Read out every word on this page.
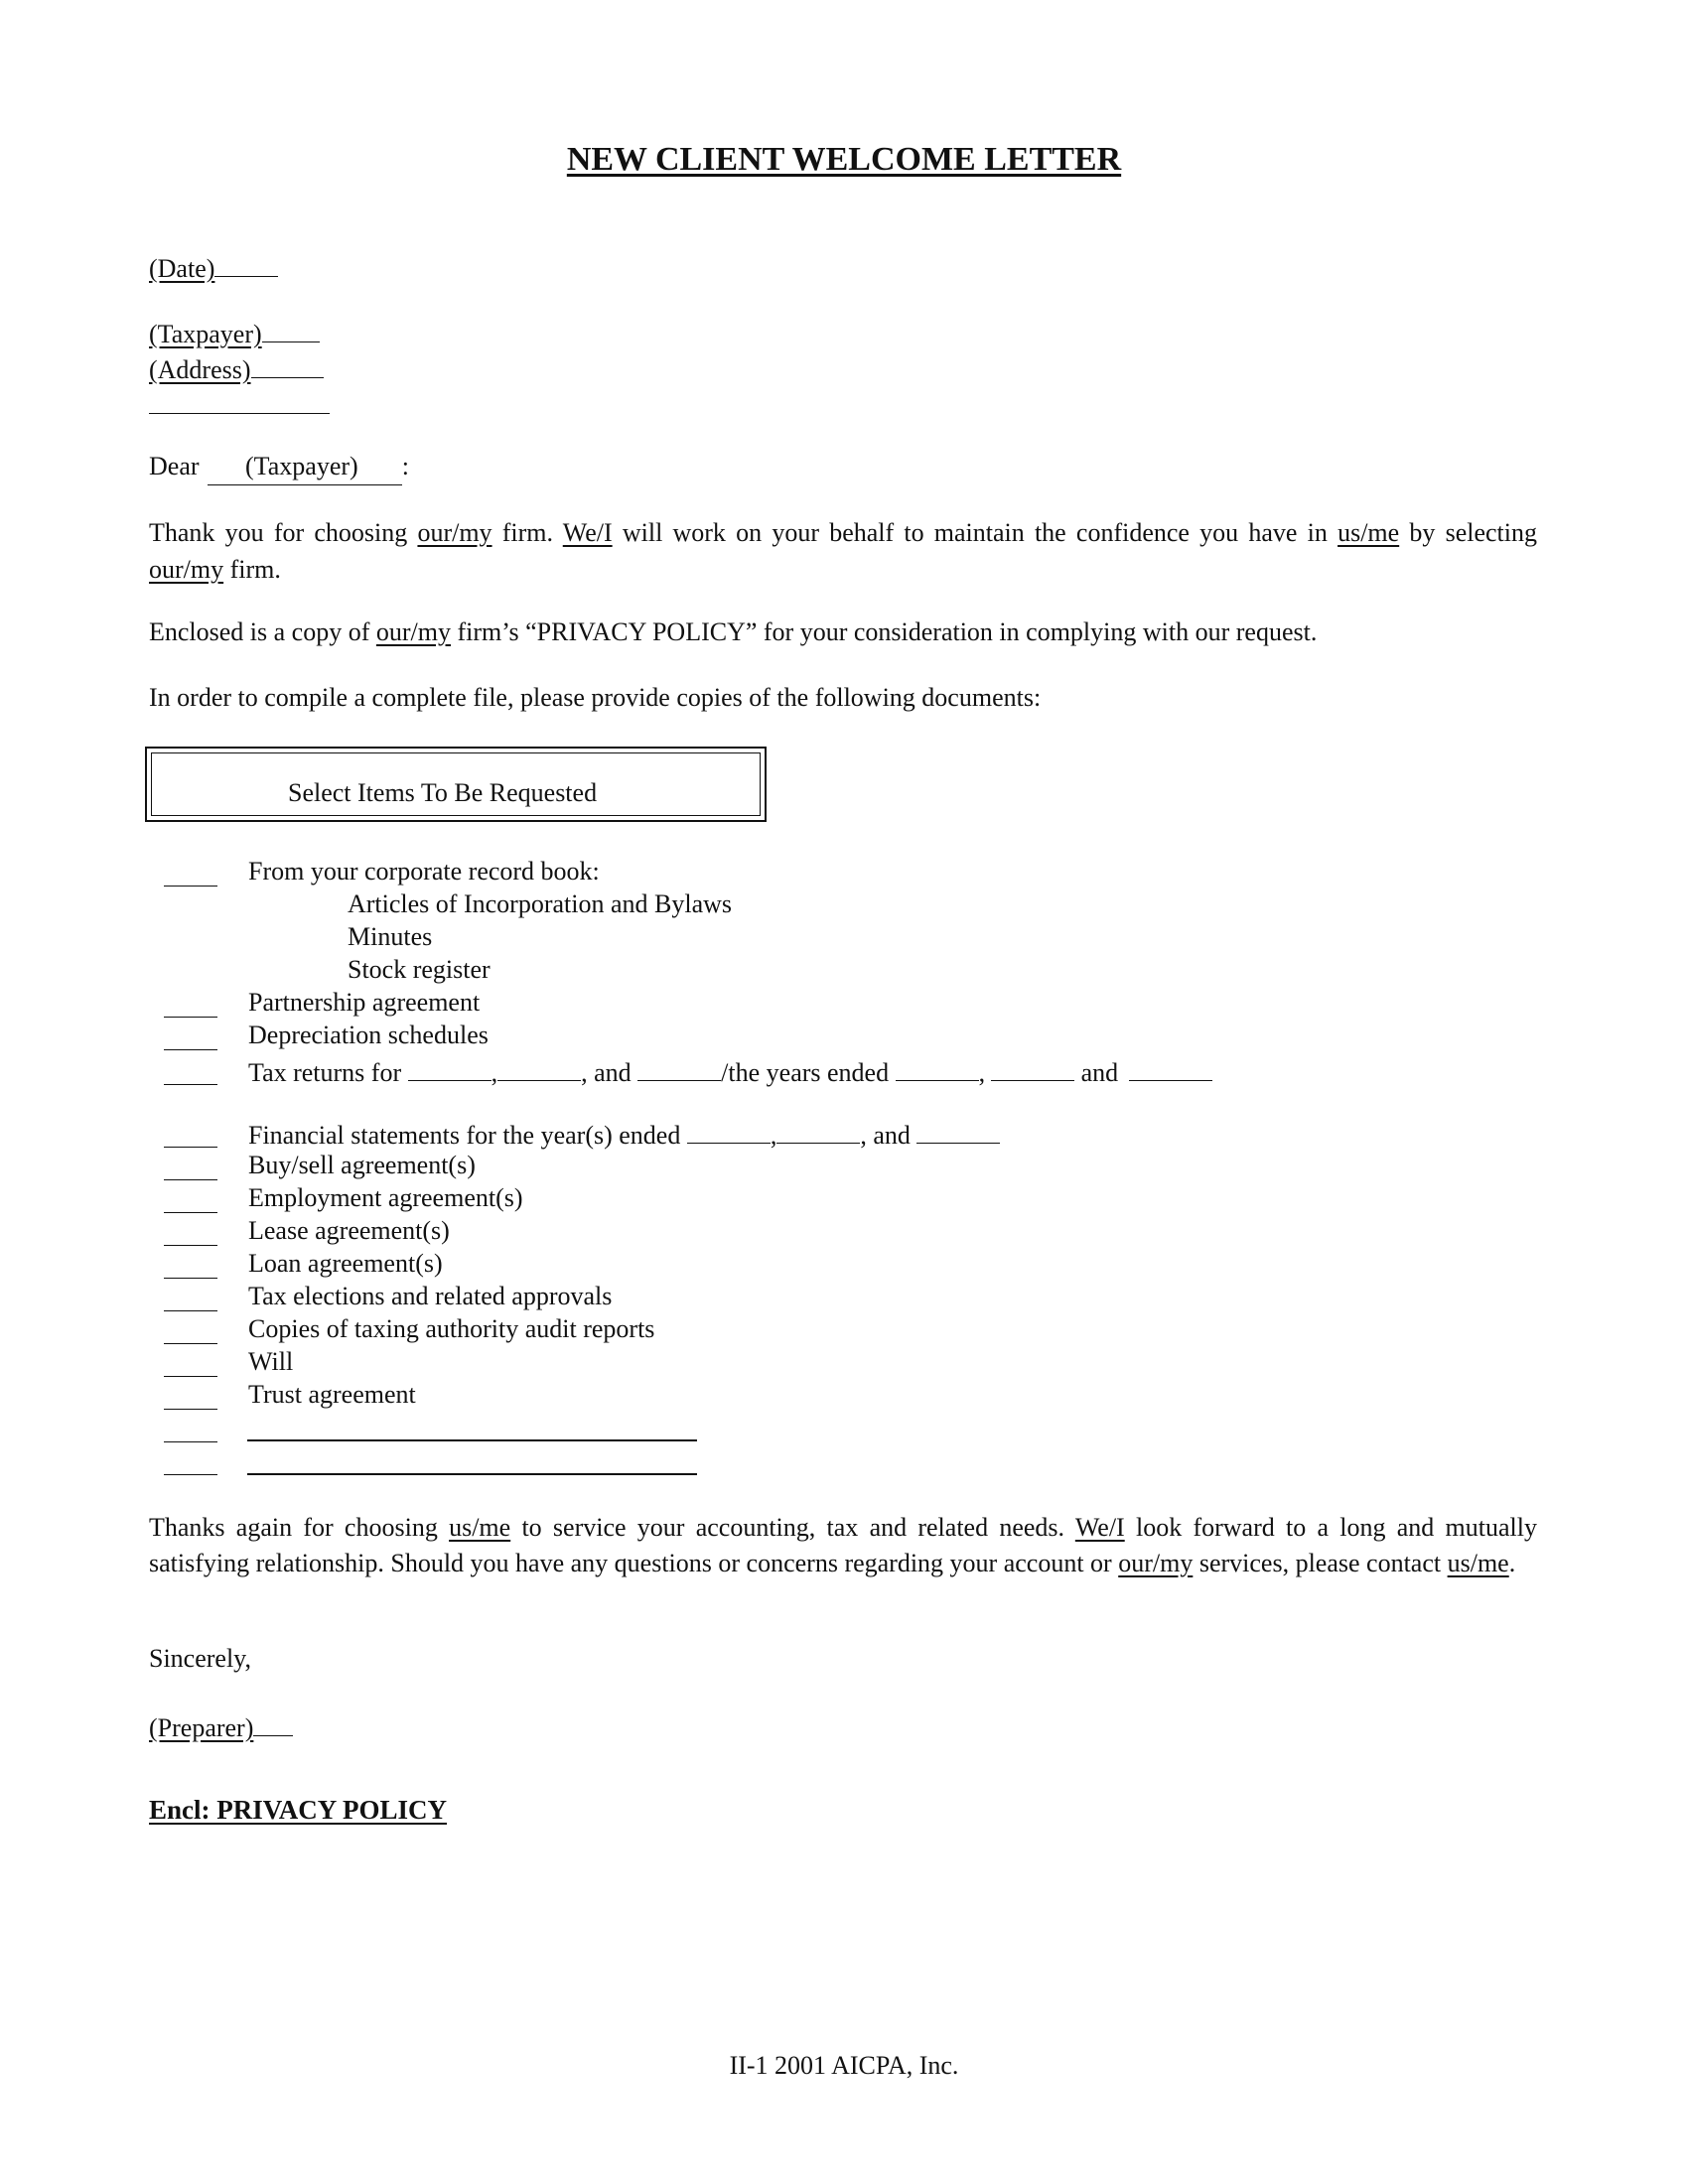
NEW CLIENT WELCOME LETTER
(Date)
(Taxpayer)
(Address)
Dear (Taxpayer) :
Thank you for choosing our/my firm. We/I will work on your behalf to maintain the confidence you have in us/me by selecting our/my firm.
Enclosed is a copy of our/my firm’s “PRIVACY POLICY” for your consideration in complying with our request.
In order to compile a complete file, please provide copies of the following documents:
Select Items To Be Requested
From your corporate record book:
Articles of Incorporation and Bylaws
Minutes
Stock register
Partnership agreement
Depreciation schedules
Tax returns for	,	, and	/the years ended	,	and
Financial statements for the year(s) ended	,	, and
Buy/sell agreement(s)
Employment agreement(s)
Lease agreement(s)
Loan agreement(s)
Tax elections and related approvals
Copies of taxing authority audit reports
Will
Trust agreement
Thanks again for choosing us/me to service your accounting, tax and related needs. We/I look forward to a long and mutually satisfying relationship. Should you have any questions or concerns regarding your account or our/my services, please contact us/me.
Sincerely,
(Preparer)
Encl: PRIVACY POLICY
II-1 2001 AICPA, Inc.
